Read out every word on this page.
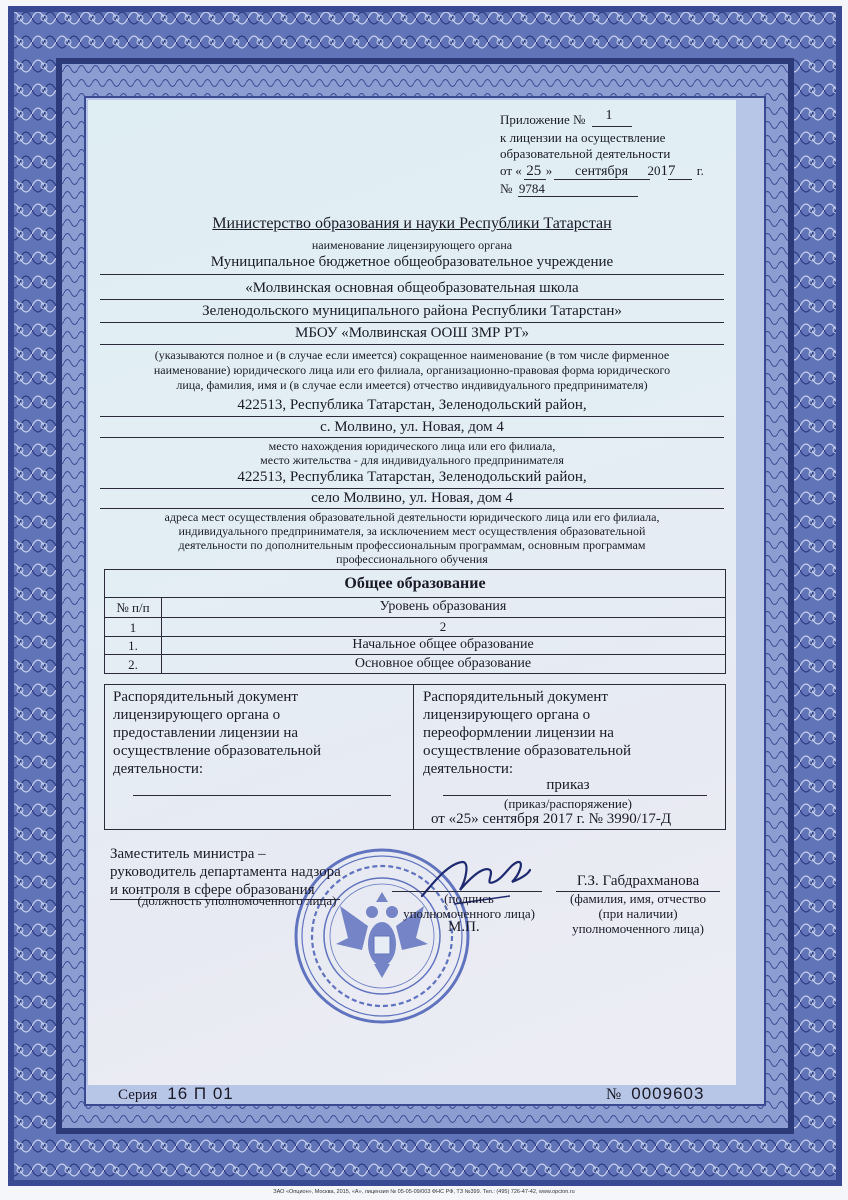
Приложение №	1
к лицензии на осуществление
образовательной деятельности
от « 25 » сентября 2017 г.
№ 9784
Министерство образования и науки Республики Татарстан
наименование лицензирующего органа
Муниципальное бюджетное общеобразовательное учреждение
«Молвинская основная общеобразовательная школа
Зеленодольского муниципального района Республики Татарстан»
МБОУ «Молвинская ООШ ЗМР РТ»
(указываются полное и (в случае если имеется) сокращенное наименование (в том числе фирменное
наименование) юридического лица или его филиала, организационно-правовая форма юридического
лица, фамилия, имя и (в случае если имеется) отчество индивидуального предпринимателя)
422513, Республика Татарстан, Зеленодольский район,
с. Молвино, ул. Новая, дом 4
место нахождения юридического лица или его филиала,
место жительства - для индивидуального предпринимателя
422513, Республика Татарстан, Зеленодольский район,
село Молвино, ул. Новая, дом 4
адреса мест осуществления образовательной деятельности юридического лица или его филиала,
индивидуального предпринимателя, за исключением мест осуществления образовательной
деятельности по дополнительным профессиональным программам, основным программам
профессионального обучения
Общее образование
№ п/п	Уровень образования
1	2
1.	Начальное общее образование
2.	Основное общее образование
Распорядительный документ
лицензирующего органа о
предоставлении лицензии на
осуществление образовательной
деятельности:
Распорядительный документ
лицензирующего органа о
переоформлении лицензии на
осуществление образовательной
деятельности:
приказ
(приказ/распоряжение)
от «25» сентября 2017 г. № 3990/17-Д
Заместитель министра –
руководитель департамента надзора
и контроля в сфере образования
(должность уполномоченного лица)	(подпись
уполномоченного лица)
М.П.
Г.З. Габдрахманова
(фамилия, имя, отчество
(при наличии)
уполномоченного лица)
Серия 16 П 01	№ 0009603
ЗАО «Опцион», Москва, 2015, «А», лицензия № 05-05-09/003 ФНС РФ, ТЗ №399. Тел.: (495) 726-47-42, www.opcion.ru
